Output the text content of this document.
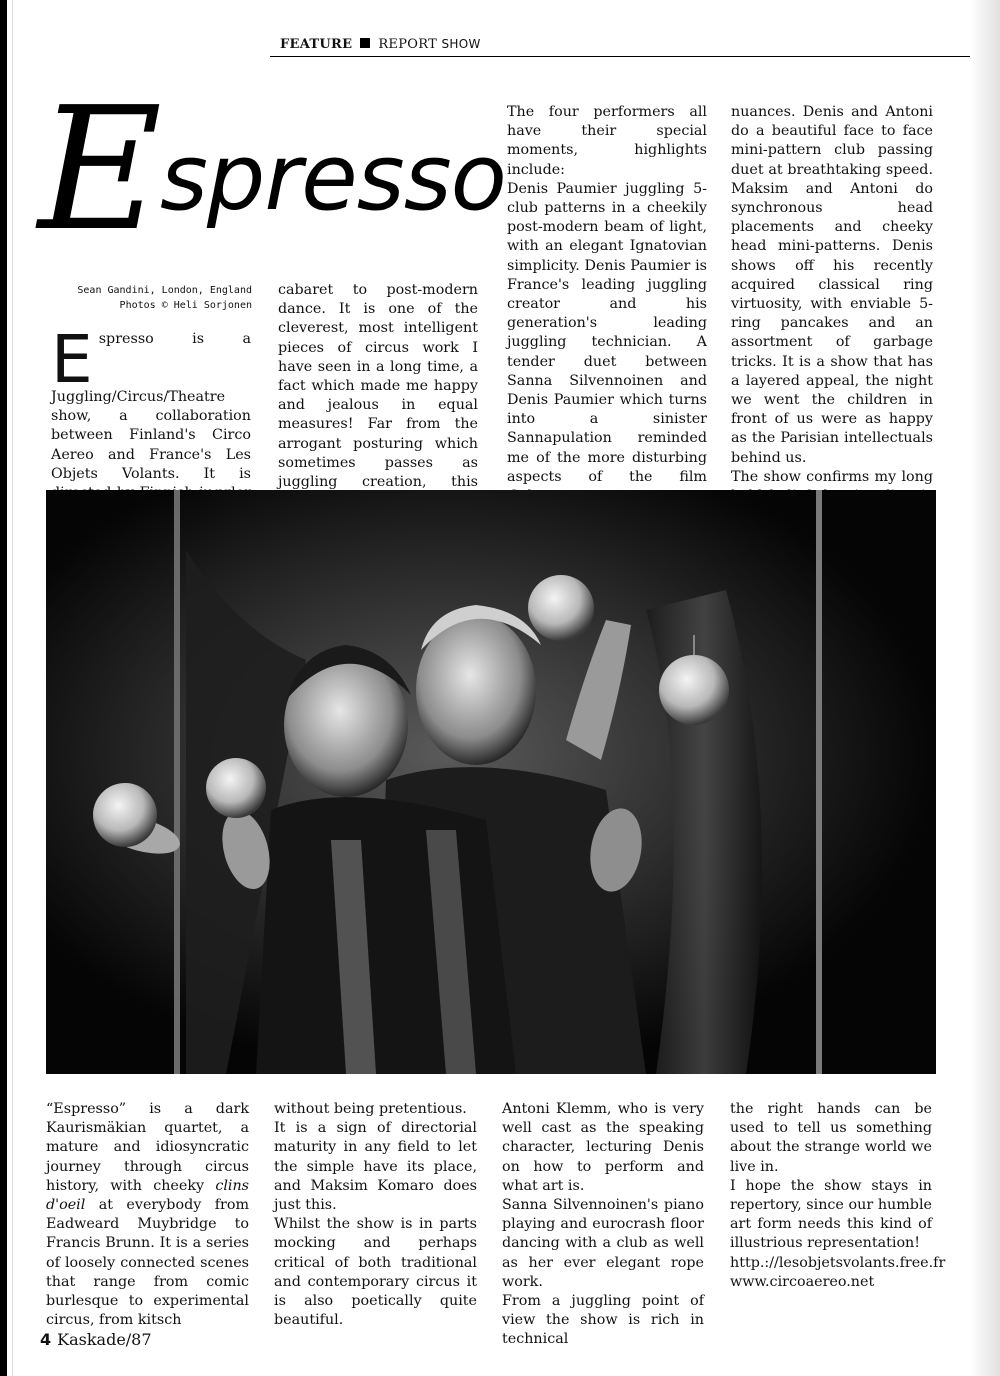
FEATURE REPORT SHOW
E
spresso
Sean Gandini, London, England
Photos © Heli Sorjonen

Espresso is a Juggling/Circus/Theatre show, a collaboration between Finland's Circo Aereo and France's Les Objets Volants. It is

cabaret to post-modern dance. It is one of the cleverest, most intelligent pieces of circus work I have seen in a long time, a fact which made me happy and jealous in equal measures! Far from the arrogant posturing which sometimes passes as juggling creation, this

The four performers all have their special moments, highlights include:

Denis Paumier juggling 5-club patterns in a cheekily post-modern beam of light, with an elegant Ignatovian simplicity. Denis Paumier is France's leading juggling creator and his generation's leading juggling technician. A tender duet between Sanna Silvennoinen and Denis Paumier which turns into a sinister Sannapulation reminded me of the more disturbing aspects of the film

nuances. Denis and Antoni do a beautiful face to face mini-pattern club passing duet at breathtaking speed. Maksim and Antoni do synchronous head placements and cheeky head mini-patterns. Denis shows off his recently acquired classical ring virtuosity, with enviable 5-ring pancakes and an assortment of garbage tricks. It is a show that has a layered appeal, the night we went the children in front of us were as happy as the Parisian intellectuals behind us.

The show confirms my long

“Espresso” is a dark Kaurismäkian quartet, a mature and idiosyncratic journey through circus history, with cheeky clins d'oeil at everybody from Eadweard Muybridge to Francis Brunn. It is a series of loosely connected scenes that range from comic burlesque to experimental circus, from kitsch

without being pretentious.

It is a sign of directorial maturity in any field to let the simple have its place, and Maksim Komaro does just this.

Whilst the show is in parts mocking and perhaps critical of both traditional and contemporary circus it is also poetically quite beautiful.

Antoni Klemm, who is very well cast as the speaking character, lecturing Denis on how to perform and what art is.

Sanna Silvennoinen's piano playing and eurocrash floor dancing with a club as well as her ever elegant rope work.

From a juggling point of view the show is rich in technical

the right hands can be used to tell us something about the strange world we live in.

I hope the show stays in repertory, since our humble art form needs this kind of illustrious representation!

http.://lesobjetsvolants.free.fr

www.circoaereo.net

4 Kaskade/87
